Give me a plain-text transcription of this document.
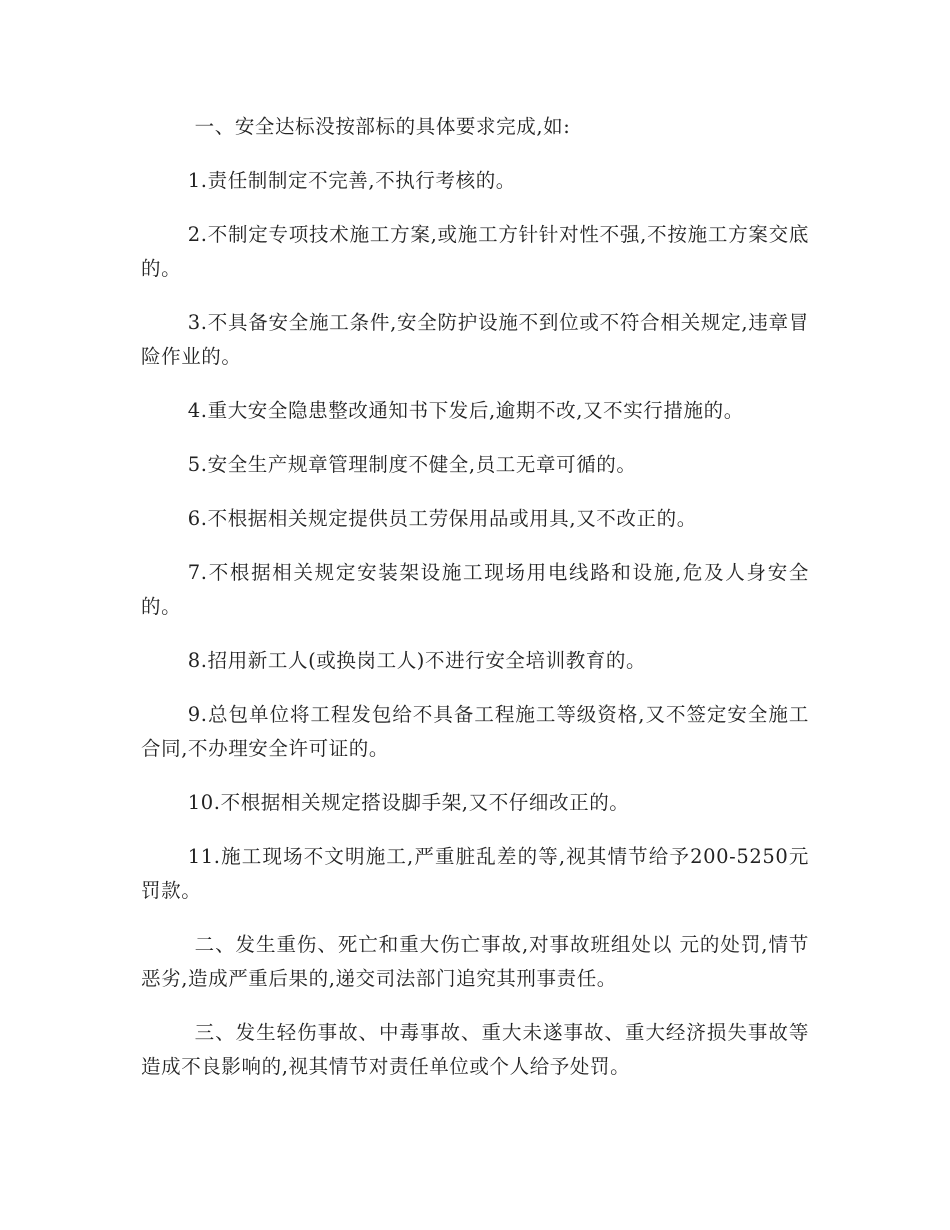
一、安全达标没按部标的具体要求完成,如:

1.责任制制定不完善,不执行考核的。

2.不制定专项技术施工方案,或施工方针针对性不强,不按施工方案交底的。

3.不具备安全施工条件,安全防护设施不到位或不符合相关规定,违章冒险作业的。

4.重大安全隐患整改通知书下发后,逾期不改,又不实行措施的。

5.安全生产规章管理制度不健全,员工无章可循的。

6.不根据相关规定提供员工劳保用品或用具,又不改正的。

7.不根据相关规定安装架设施工现场用电线路和设施,危及人身安全的。

8.招用新工人(或换岗工人)不进行安全培训教育的。

9.总包单位将工程发包给不具备工程施工等级资格,又不签定安全施工合同,不办理安全许可证的。

10.不根据相关规定搭设脚手架,又不仔细改正的。

11.施工现场不文明施工,严重脏乱差的等,视其情节给予200-5250元罚款。

二、发生重伤、死亡和重大伤亡事故,对事故班组处以 元的处罚,情节恶劣,造成严重后果的,递交司法部门追究其刑事责任。

三、发生轻伤事故、中毒事故、重大未遂事故、重大经济损失事故等造成不良影响的,视其情节对责任单位或个人给予处罚。
